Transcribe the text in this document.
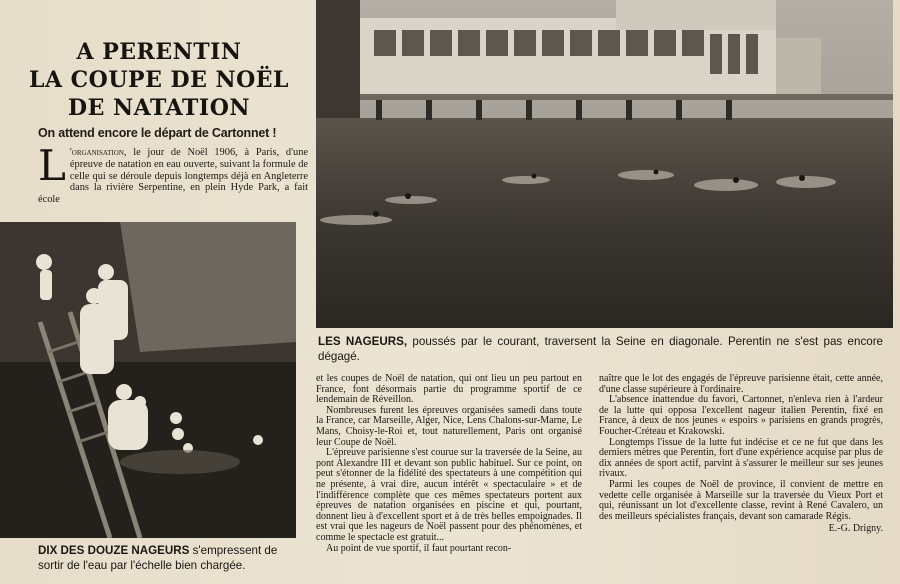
A PERENTIN
LA COUPE DE NOËL
DE NATATION
On attend encore le départ de Cartonnet !
L 'organisation, le jour de Noël 1906, à Paris, d'une épreuve de natation en eau ouverte, suivant la formule de celle qui se déroule depuis longtemps déjà en Angleterre dans la rivière Serpentine, en plein Hyde Park, a fait école
LES NAGEURS, poussés par le courant, traversent la Seine en diagonale. Perentin ne s'est pas encore dégagé.
DIX DES DOUZE NAGEURS s'empressent de sortir de l'eau par l'échelle bien chargée.

et les coupes de Noël de natation, qui ont lieu un peu partout en France, font désormais partie du programme sportif de ce lendemain de Réveillon.

Nombreuses furent les épreuves organisées samedi dans toute la France, car Marseille, Alger, Nice, Lens Chalons-sur-Marne, Le Mans, Choisy-le-Roi et, tout naturellement, Paris ont organisé leur Coupe de Noël.

L'épreuve parisienne s'est courue sur la traversée de la Seine, au pont Alexandre III et devant son public habituel. Sur ce point, on peut s'étonner de la fidélité des spectateurs à une compétition qui ne présente, à vrai dire, aucun intérêt « spectaculaire » et de l'indifférence complète que ces mêmes spectateurs portent aux épreuves de natation organisées en piscine et qui, pourtant, donnent lieu à d'excellent sport et à de très belles empoignades. Il est vrai que les nageurs de Noël passent pour des phénomènes, et comme le spectacle est gratuit...

Au point de vue sportif, il faut pourtant recon-

naître que le lot des engagés de l'épreuve parisienne était, cette année, d'une classe supérieure à l'ordinaire.

L'absence inattendue du favori, Cartonnet, n'enleva rien à l'ardeur de la lutte qui opposa l'excellent nageur italien Perentin, fixé en France, à deux de nos jeunes « espoirs » parisiens en grands progrès, Foucher-Créteau et Krakowski.

Longtemps l'issue de la lutte fut indécise et ce ne fut que dans les derniers mètres que Perentin, fort d'une expérience acquise par plus de dix années de sport actif, parvint à s'assurer le meilleur sur ses jeunes rivaux.

Parmi les coupes de Noël de province, il convient de mettre en vedette celle organisée à Marseille sur la traversée du Vieux Port et qui, réunissant un lot d'excellente classe, revint à René Cavalero, un des meilleurs spécialistes français, devant son camarade Régis.

E.-G. Drigny.
